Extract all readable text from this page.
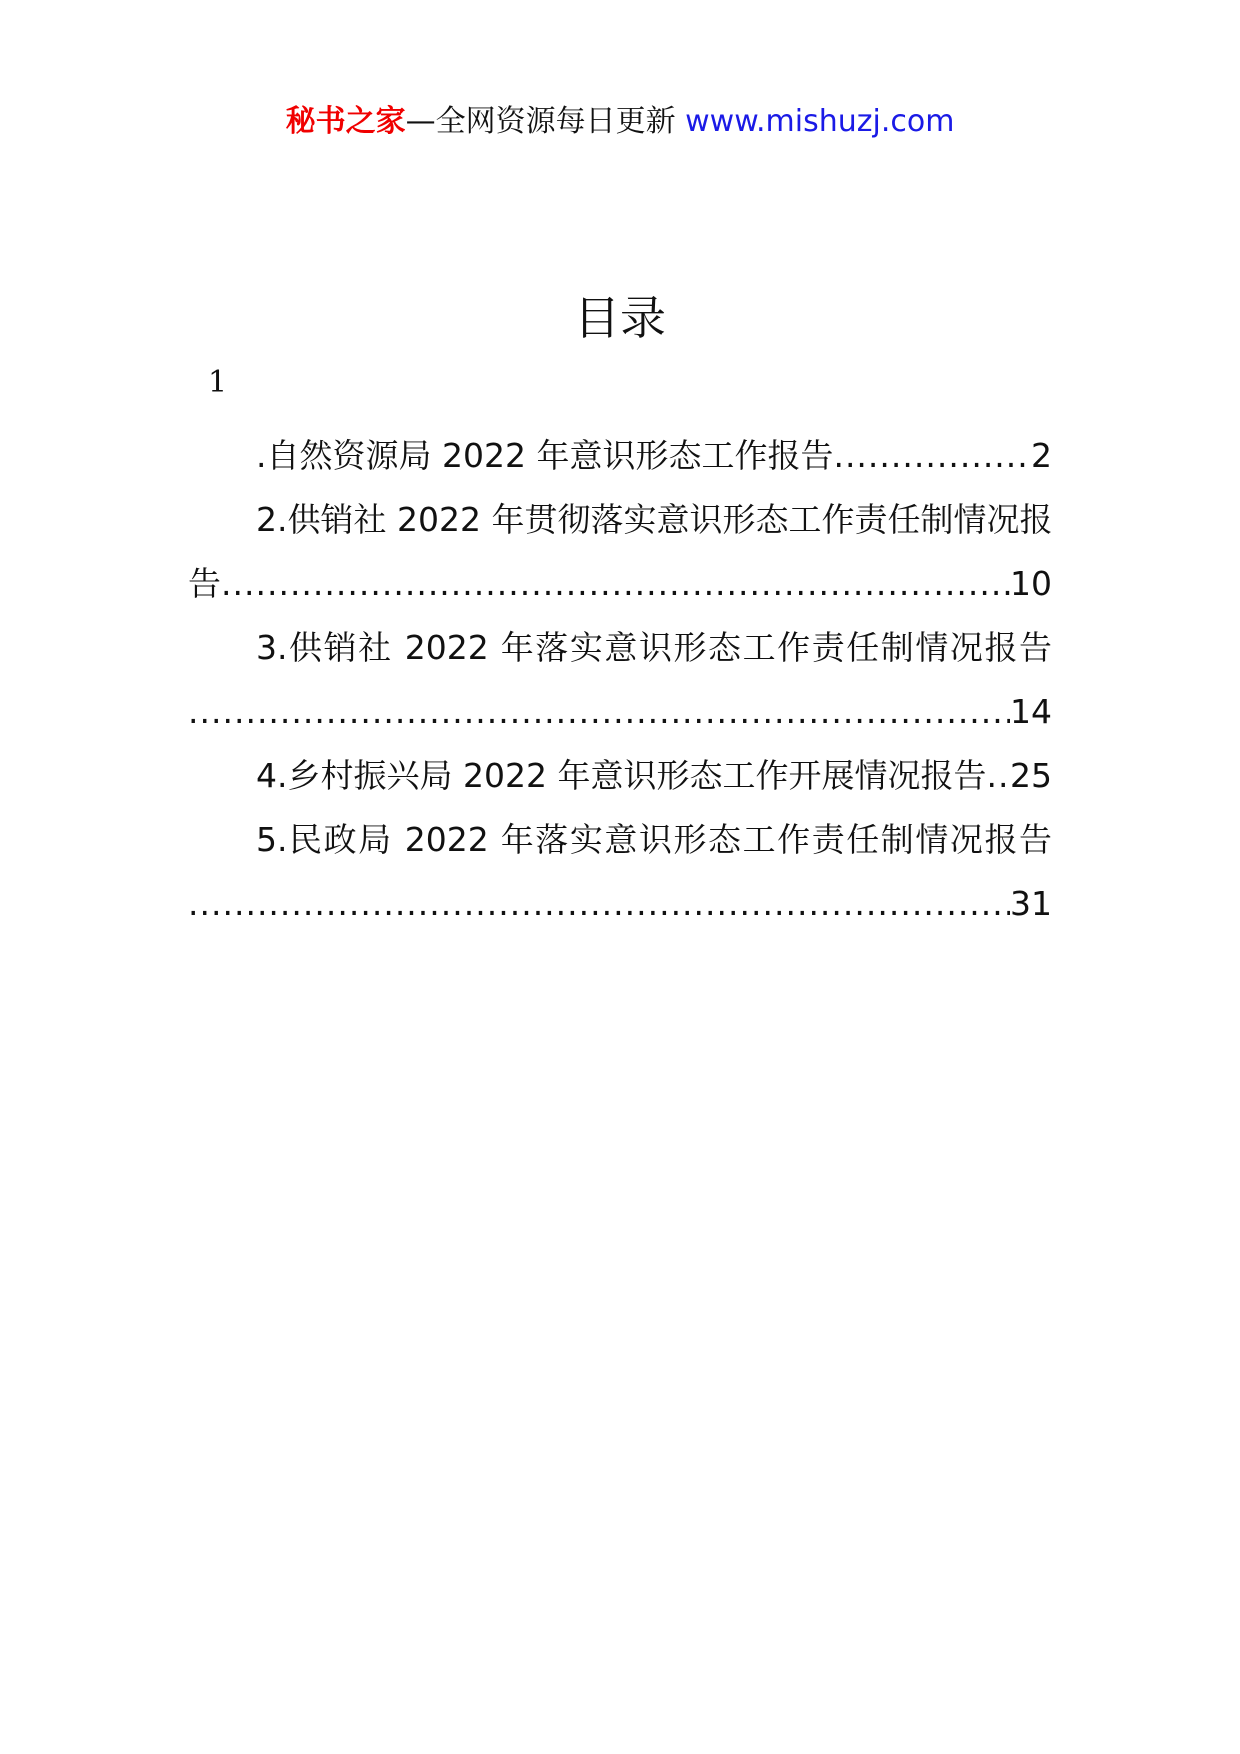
秘书之家—全网资源每日更新 www.mishuzj.com
目录
1
.自然资源局 2022 年意识形态工作报告 .....	2
2.供销社 2022 年贯彻落实意识形态工作责任制情况报
告 .....	10
3.供销社 2022 年落实意识形态工作责任制情况报告
.....
14
4.乡村振兴局 2022 年意识形态工作开展情况报告 ..... 25
5.民政局 2022 年落实意识形态工作责任制情况报告
.....
31
